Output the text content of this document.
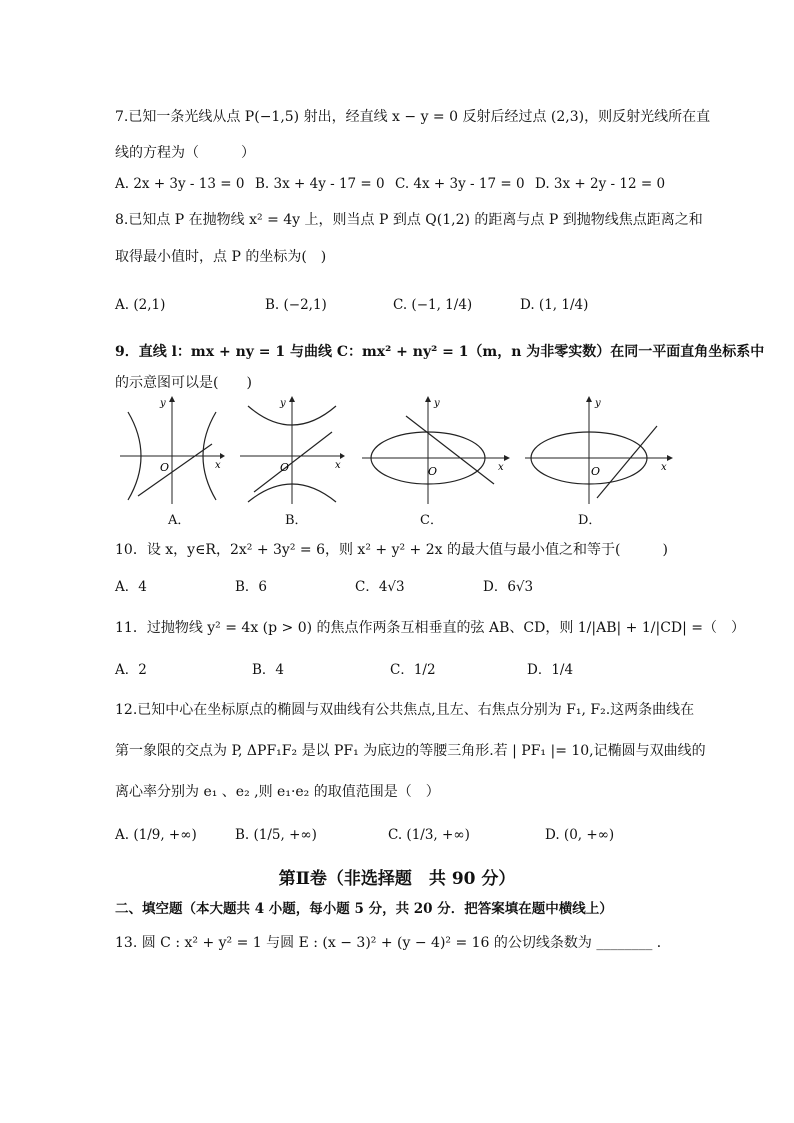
7.已知一条光线从点 P(−1,5) 射出，经直线 x − y = 0 反射后经过点 (2,3)，则反射光线所在直
线的方程为（　　　）
A. 2x + 3y - 13 = 0 B. 3x + 4y - 17 = 0 C. 4x + 3y - 17 = 0 D. 3x + 2y - 12 = 0
8.已知点 P 在抛物线 x² = 4y 上，则当点 P 到点 Q(1,2) 的距离与点 P 到抛物线焦点距离之和
取得最小值时，点 P 的坐标为(　)
A. (2,1)	B. (−2,1)	C. (−1, 1/4)	D. (1, 1/4)
9．直线 l：mx + ny = 1 与曲线 C：mx² + ny² = 1（m，n 为非零实数）在同一平面直角坐标系中
的示意图可以是(　　)
O	x
y
A．
O	x
y
B．
O	x
y
C．
O	x
y
D．
10．设 x，y∈R，2x² + 3y² = 6，则 x² + y² + 2x 的最大值与最小值之和等于(　　　)
A．4	B．6	C．4√3	D．6√3
11．过抛物线 y² = 4x (p > 0) 的焦点作两条互相垂直的弦 AB、CD，则 1/|AB| + 1/|CD| =（　）
A．2	B．4	C．1/2	D．1/4
12.已知中心在坐标原点的椭圆与双曲线有公共焦点,且左、右焦点分别为 F₁, F₂.这两条曲线在
第一象限的交点为 P, ΔPF₁F₂ 是以 PF₁ 为底边的等腰三角形.若 | PF₁ |= 10,记椭圆与双曲线的
离心率分别为 e₁ 、e₂ ,则 e₁·e₂ 的取值范围是（　）
A. (1/9, +∞)	B. (1/5, +∞)	C. (1/3, +∞)	D. (0, +∞)
第Ⅱ卷（非选择题　共 90 分）
二、填空题（本大题共 4 小题，每小题 5 分，共 20 分．把答案填在题中横线上）
13. 圆 C : x² + y² = 1 与圆 E : (x − 3)² + (y − 4)² = 16 的公切线条数为 ________ ．
